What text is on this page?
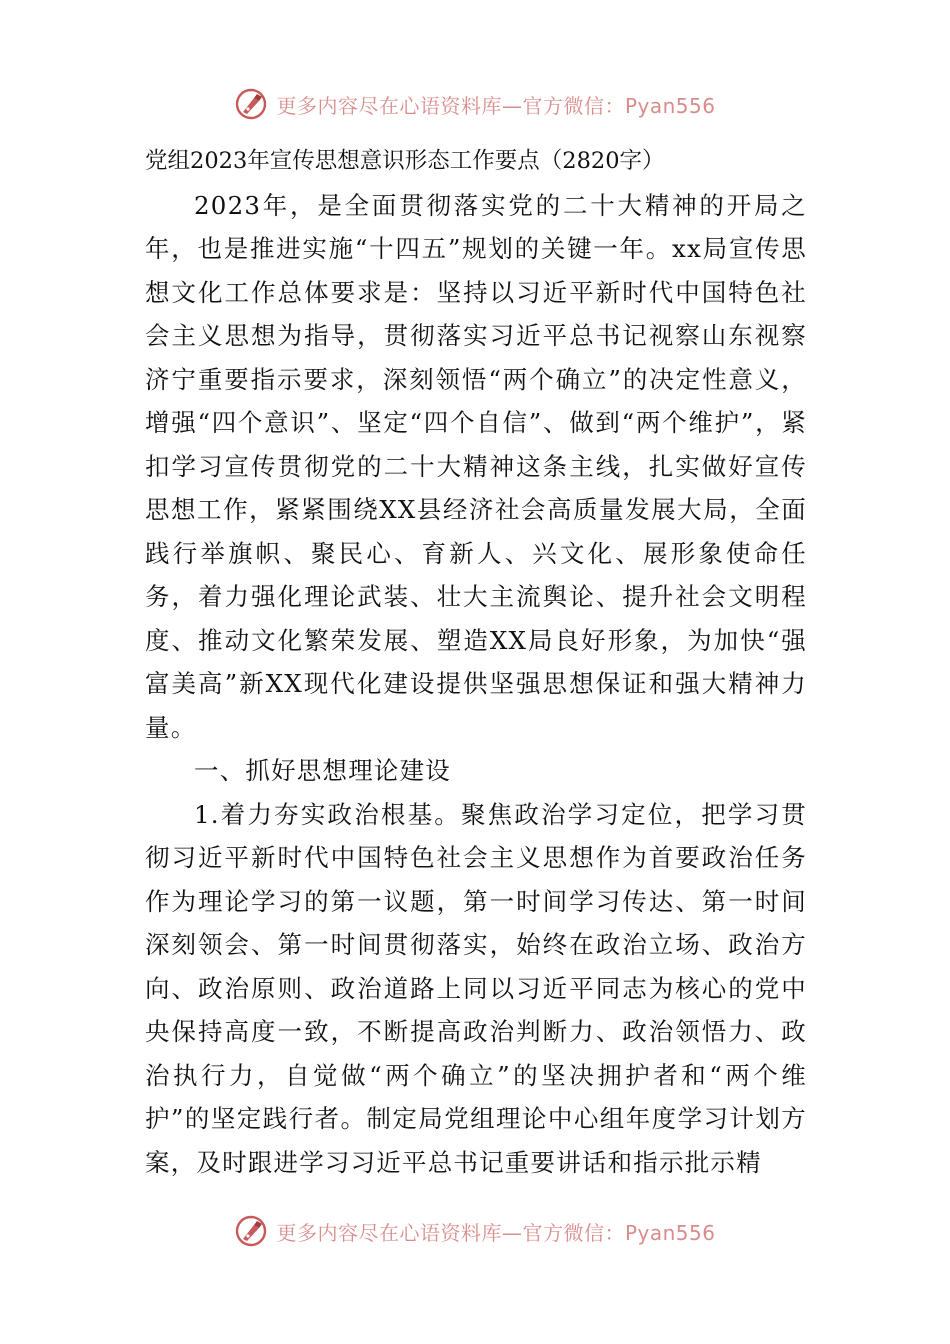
更多内容尽在心语资料库—官方微信：Pyan556
党组2023年宣传思想意识形态工作要点（2820字）

2023年，是全面贯彻落实党的二十大精神的开局之年，也是推进实施“十四五”规划的关键一年。xx局宣传思想文化工作总体要求是：坚持以习近平新时代中国特色社会主义思想为指导，贯彻落实习近平总书记视察山东视察济宁重要指示要求，深刻领悟“两个确立”的决定性意义，增强“四个意识”、坚定“四个自信”、做到“两个维护”，紧扣学习宣传贯彻党的二十大精神这条主线，扎实做好宣传思想工作，紧紧围绕XX县经济社会高质量发展大局，全面践行举旗帜、聚民心、育新人、兴文化、展形象使命任务，着力强化理论武装、壮大主流舆论、提升社会文明程度、推动文化繁荣发展、塑造XX局良好形象，为加快“强富美高”新XX现代化建设提供坚强思想保证和强大精神力量。

一、抓好思想理论建设

1.着力夯实政治根基。聚焦政治学习定位，把学习贯彻习近平新时代中国特色社会主义思想作为首要政治任务作为理论学习的第一议题，第一时间学习传达、第一时间深刻领会、第一时间贯彻落实，始终在政治立场、政治方向、政治原则、政治道路上同以习近平同志为核心的党中央保持高度一致，不断提高政治判断力、政治领悟力、政治执行力，自觉做“两个确立”的坚决拥护者和“两个维护”的坚定践行者。制定局党组理论中心组年度学习计划方案，及时跟进学习习近平总书记重要讲话和指示批示精

更多内容尽在心语资料库—官方微信：Pyan556
